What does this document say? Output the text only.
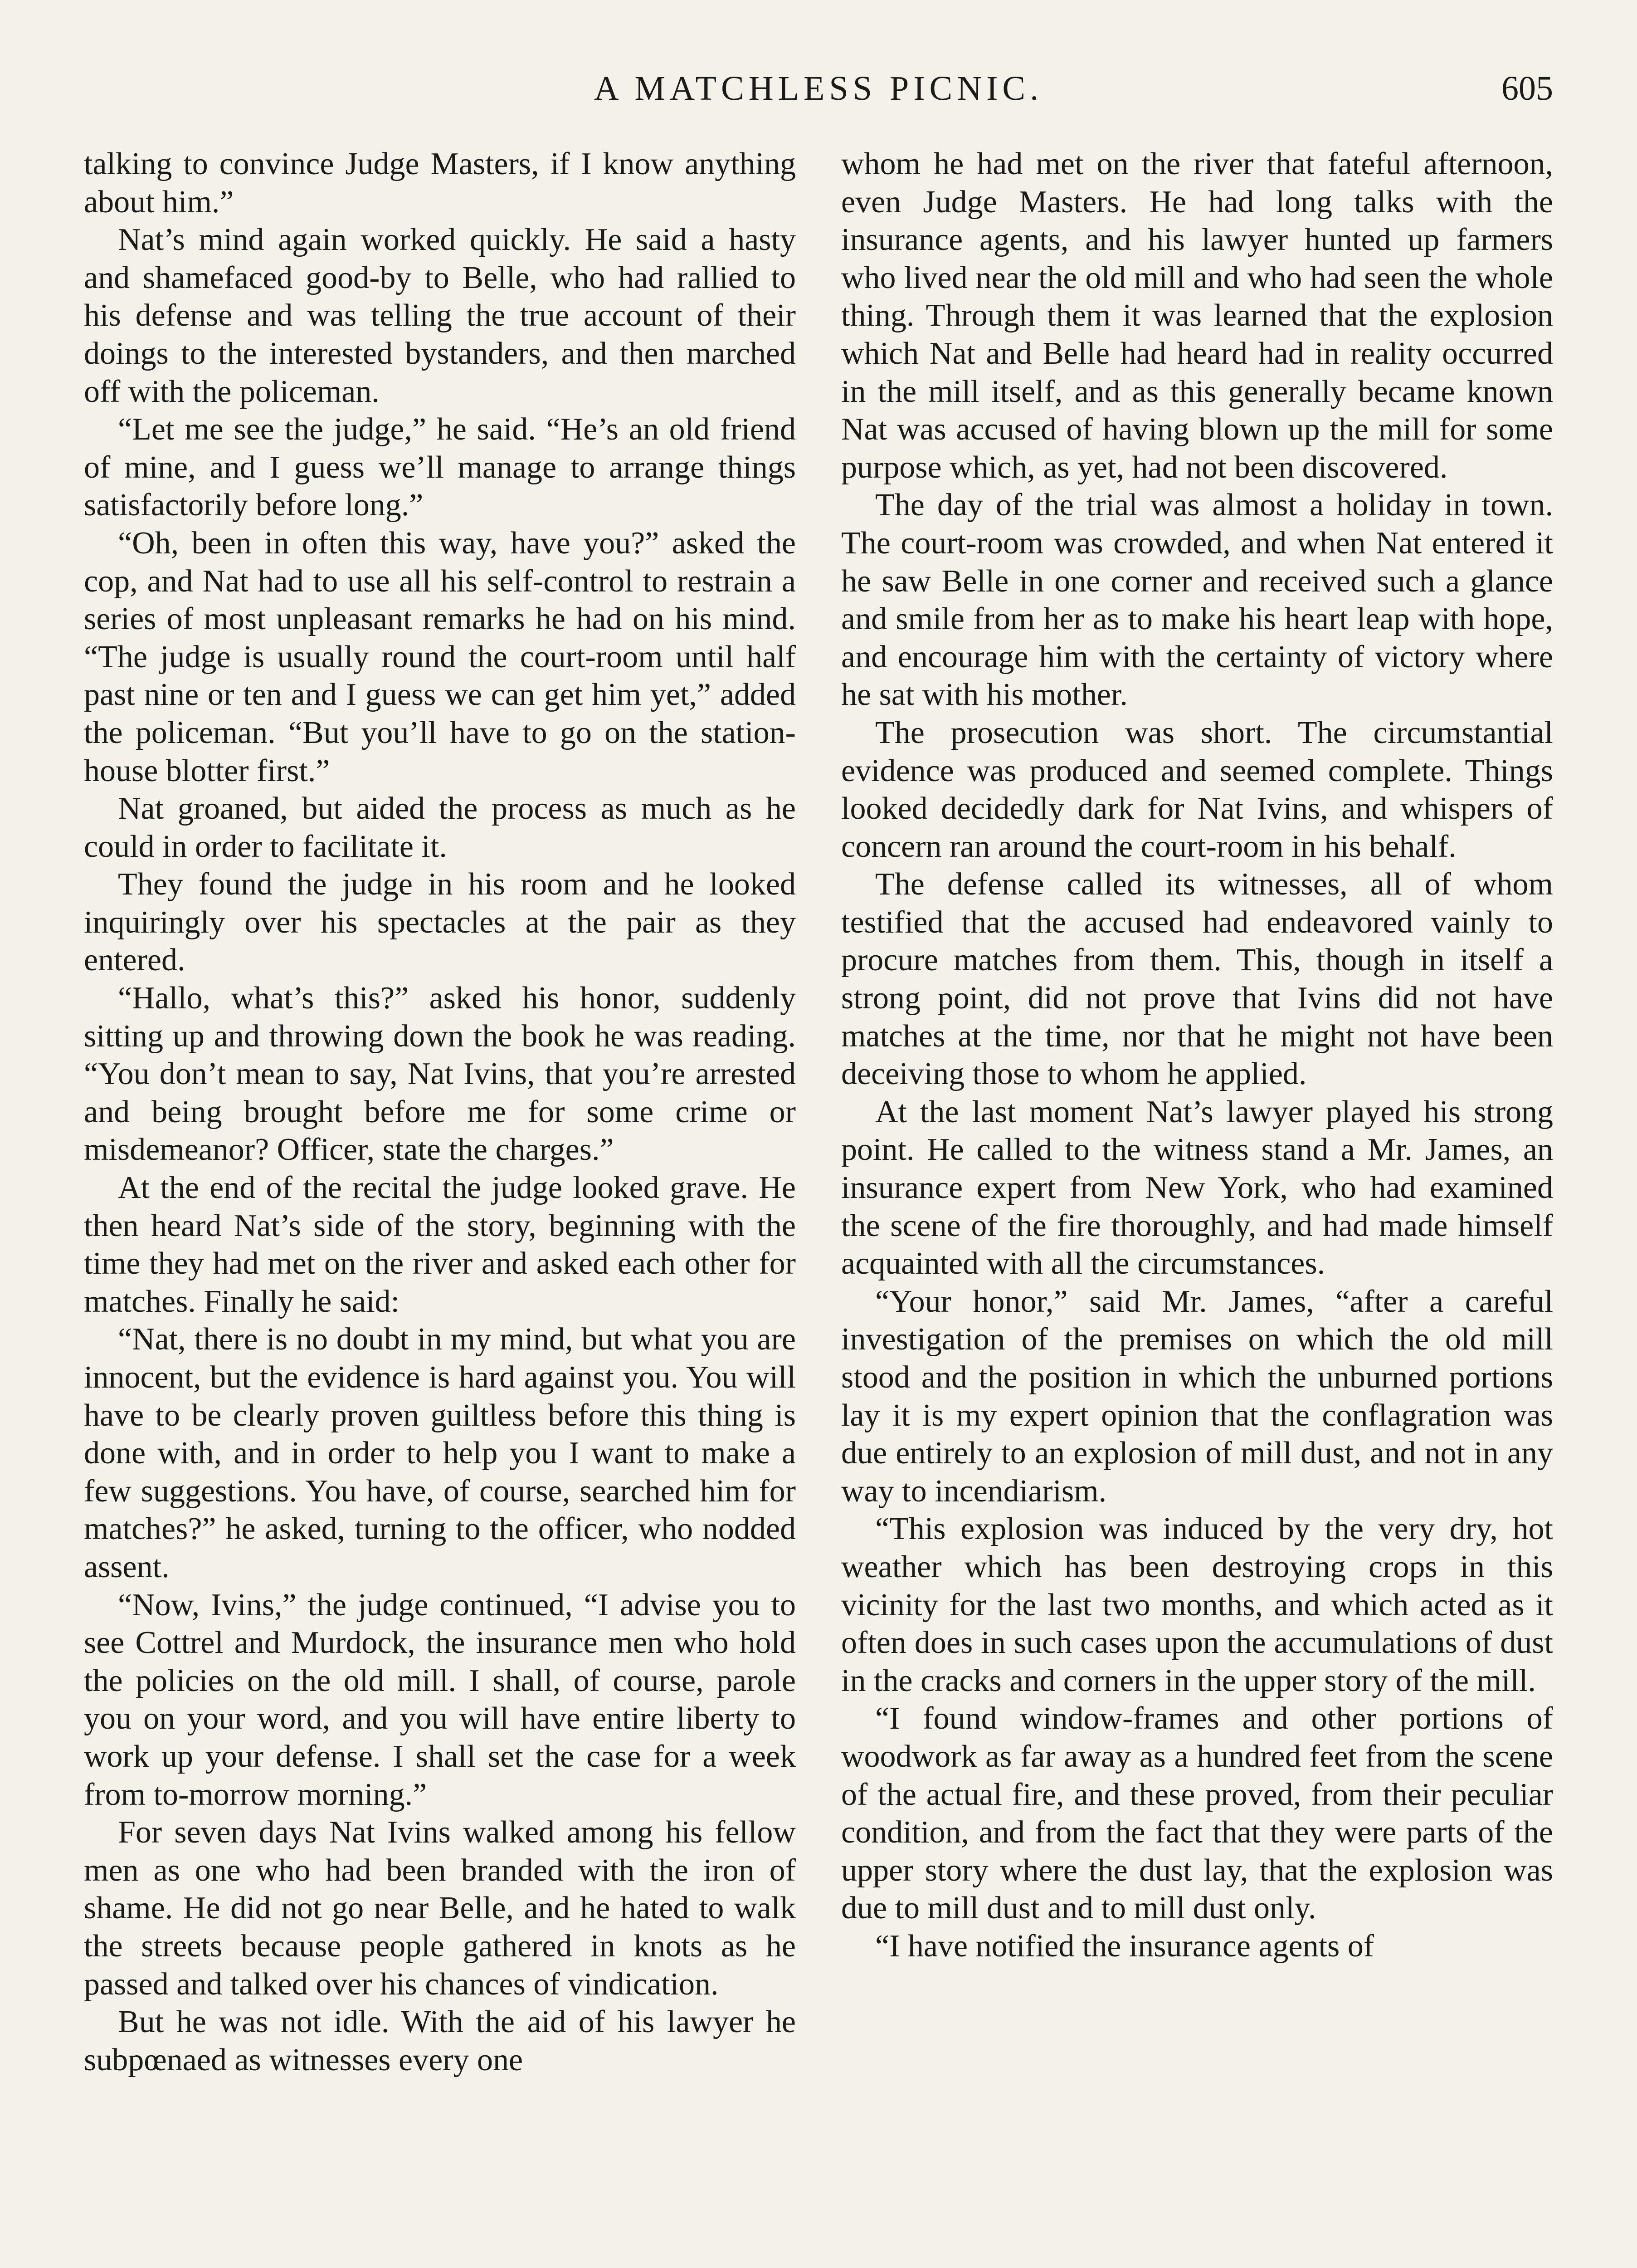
A MATCHLESS PICNIC.	605

talking to convince Judge Masters, if I know anything about him.”

Nat’s mind again worked quickly. He said a hasty and shamefaced good-by to Belle, who had rallied to his defense and was telling the true account of their doings to the interested bystanders, and then marched off with the policeman.

“Let me see the judge,” he said. “He’s an old friend of mine, and I guess we’ll manage to arrange things satisfactorily before long.”

“Oh, been in often this way, have you?” asked the cop, and Nat had to use all his self-control to restrain a series of most unpleasant remarks he had on his mind. “The judge is usually round the court-room until half past nine or ten and I guess we can get him yet,” added the policeman. “But you’ll have to go on the station-house blotter first.”

Nat groaned, but aided the process as much as he could in order to facilitate it.

They found the judge in his room and he looked inquiringly over his spectacles at the pair as they entered.

“Hallo, what’s this?” asked his honor, suddenly sitting up and throwing down the book he was reading. “You don’t mean to say, Nat Ivins, that you’re arrested and being brought before me for some crime or misdemeanor? Officer, state the charges.”

At the end of the recital the judge looked grave. He then heard Nat’s side of the story, beginning with the time they had met on the river and asked each other for matches. Finally he said:

“Nat, there is no doubt in my mind, but what you are innocent, but the evidence is hard against you. You will have to be clearly proven guiltless before this thing is done with, and in order to help you I want to make a few suggestions. You have, of course, searched him for matches?” he asked, turning to the officer, who nodded assent.

“Now, Ivins,” the judge continued, “I advise you to see Cottrel and Murdock, the insurance men who hold the policies on the old mill. I shall, of course, parole you on your word, and you will have entire liberty to work up your defense. I shall set the case for a week from to-morrow morning.”

For seven days Nat Ivins walked among his fellow men as one who had been branded with the iron of shame. He did not go near Belle, and he hated to walk the streets because people gathered in knots as he passed and talked over his chances of vindication.

But he was not idle. With the aid of his lawyer he subpœnaed as witnesses every one

whom he had met on the river that fateful afternoon, even Judge Masters. He had long talks with the insurance agents, and his lawyer hunted up farmers who lived near the old mill and who had seen the whole thing. Through them it was learned that the explosion which Nat and Belle had heard had in reality occurred in the mill itself, and as this generally became known Nat was accused of having blown up the mill for some purpose which, as yet, had not been discovered.

The day of the trial was almost a holiday in town. The court-room was crowded, and when Nat entered it he saw Belle in one corner and received such a glance and smile from her as to make his heart leap with hope, and encourage him with the certainty of victory where he sat with his mother.

The prosecution was short. The circumstantial evidence was produced and seemed complete. Things looked decidedly dark for Nat Ivins, and whispers of concern ran around the court-room in his behalf.

The defense called its witnesses, all of whom testified that the accused had endeavored vainly to procure matches from them. This, though in itself a strong point, did not prove that Ivins did not have matches at the time, nor that he might not have been deceiving those to whom he applied.

At the last moment Nat’s lawyer played his strong point. He called to the witness stand a Mr. James, an insurance expert from New York, who had examined the scene of the fire thoroughly, and had made himself acquainted with all the circumstances.

“Your honor,” said Mr. James, “after a careful investigation of the premises on which the old mill stood and the position in which the unburned portions lay it is my expert opinion that the conflagration was due entirely to an explosion of mill dust, and not in any way to incendiarism.

“This explosion was induced by the very dry, hot weather which has been destroying crops in this vicinity for the last two months, and which acted as it often does in such cases upon the accumulations of dust in the cracks and corners in the upper story of the mill.

“I found window-frames and other portions of woodwork as far away as a hundred feet from the scene of the actual fire, and these proved, from their peculiar condition, and from the fact that they were parts of the upper story where the dust lay, that the explosion was due to mill dust and to mill dust only.

“I have notified the insurance agents of
